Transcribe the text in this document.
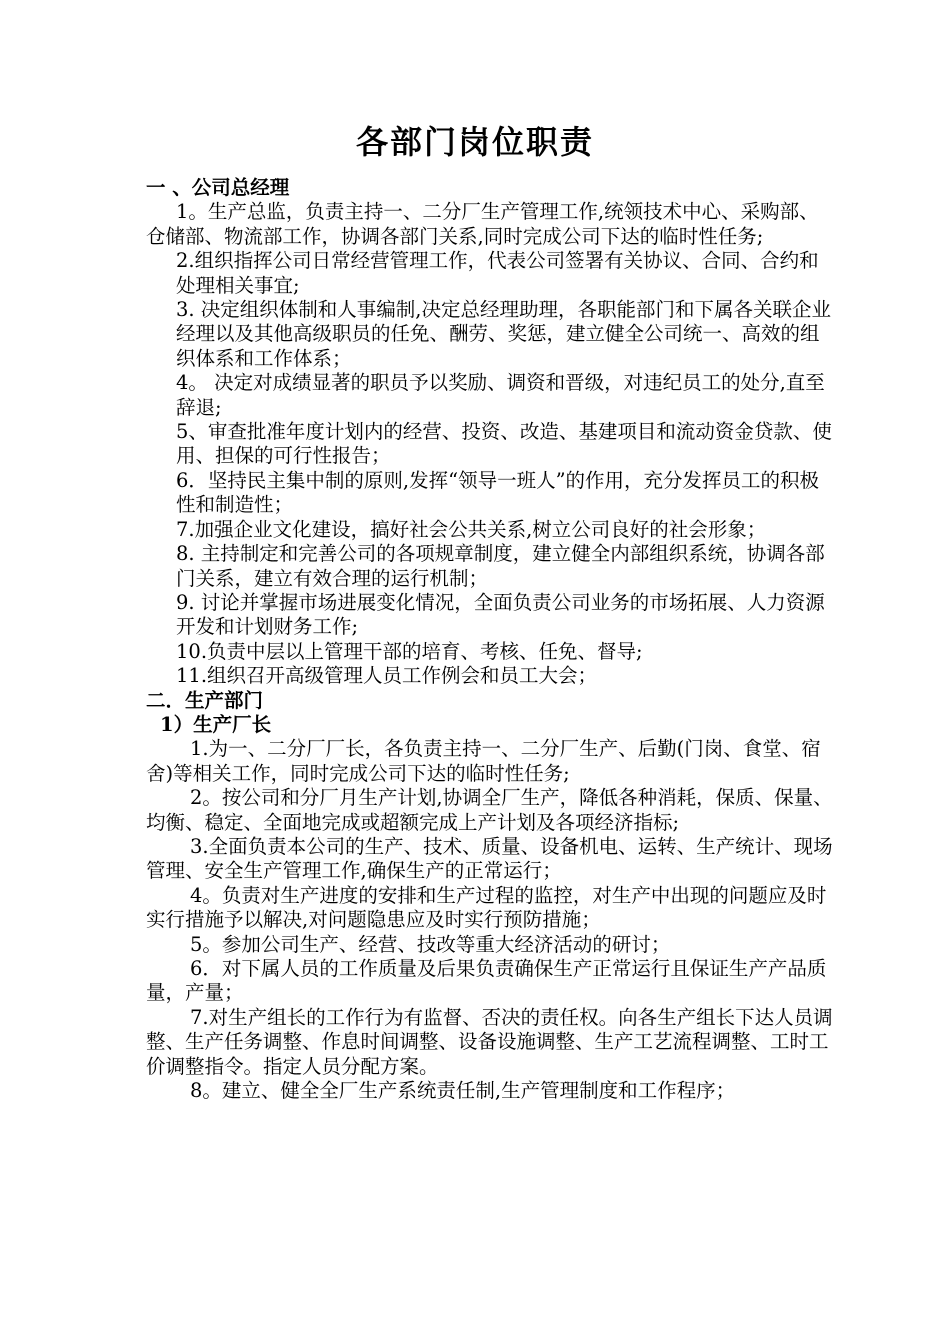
各部门岗位职责
一 、公司总经理
1。生产总监，负责主持一、二分厂生产管理工作,统领技术中心、采购部、仓储部、物流部工作，协调各部门关系,同时完成公司下达的临时性任务;
2.组织指挥公司日常经营管理工作，代表公司签署有关协议、合同、合约和处理相关事宜;
3. 决定组织体制和人事编制,决定总经理助理，各职能部门和下属各关联企业经理以及其他高级职员的任免、酬劳、奖惩，建立健全公司统一、高效的组织体系和工作体系；
4。 决定对成绩显著的职员予以奖励、调资和晋级，对违纪员工的处分,直至辞退;
5、审查批准年度计划内的经营、投资、改造、基建项目和流动资金贷款、使用、担保的可行性报告；
6．坚持民主集中制的原则,发挥“领导一班人”的作用，充分发挥员工的积极性和制造性；
7.加强企业文化建设，搞好社会公共关系,树立公司良好的社会形象；
8. 主持制定和完善公司的各项规章制度，建立健全内部组织系统，协调各部门关系，建立有效合理的运行机制；
9. 讨论并掌握市场进展变化情况，全面负责公司业务的市场拓展、人力资源开发和计划财务工作;
10.负责中层以上管理干部的培育、考核、任免、督导;
11.组织召开高级管理人员工作例会和员工大会；
二．生产部门
1）生产厂长
1.为一、二分厂厂长，各负责主持一、二分厂生产、后勤(门岗、食堂、宿舍)等相关工作，同时完成公司下达的临时性任务;
2。按公司和分厂月生产计划,协调全厂生产，降低各种消耗，保质、保量、均衡、稳定、全面地完成或超额完成上产计划及各项经济指标;
3.全面负责本公司的生产、技术、质量、设备机电、运转、生产统计、现场管理、安全生产管理工作,确保生产的正常运行；
4。负责对生产进度的安排和生产过程的监控，对生产中出现的问题应及时实行措施予以解决,对问题隐患应及时实行预防措施；
5。参加公司生产、经营、技改等重大经济活动的研讨；
6．对下属人员的工作质量及后果负责确保生产正常运行且保证生产产品质量，产量；
7.对生产组长的工作行为有监督、否决的责任权。向各生产组长下达人员调整、生产任务调整、作息时间调整、设备设施调整、生产工艺流程调整、工时工价调整指令。指定人员分配方案。
8。建立、健全全厂生产系统责任制,生产管理制度和工作程序；
